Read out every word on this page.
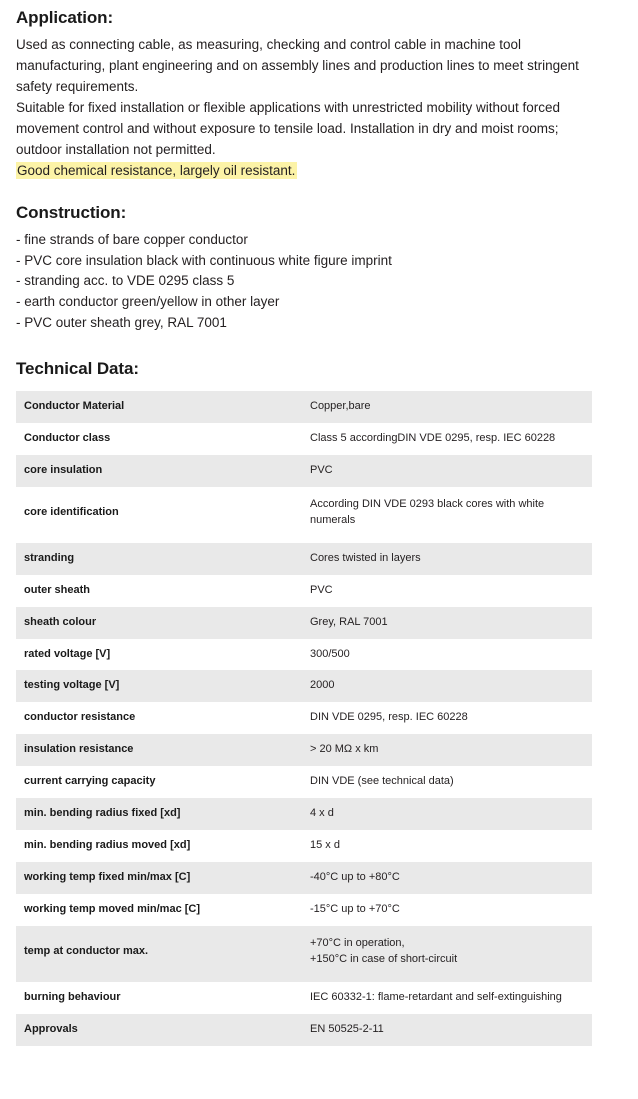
Application:

Used as connecting cable, as measuring, checking and control cable in machine tool manufacturing, plant engineering and on assembly lines and production lines to meet stringent safety requirements.

Suitable for fixed installation or flexible applications with unrestricted mobility without forced movement control and without exposure to tensile load. Installation in dry and moist rooms; outdoor installation not permitted.

Good chemical resistance, largely oil resistant.

Construction:
- fine strands of bare copper conductor
- PVC core insulation black with continuous white figure imprint
- stranding acc. to VDE 0295 class 5
- earth conductor green/yellow in other layer
- PVC outer sheath grey, RAL 7001
Technical Data:
Conductor Material	Copper,bare
Conductor class	Class 5 accordingDIN VDE 0295, resp. IEC 60228
core insulation	PVC
core identification	According DIN VDE 0293 black cores with white numerals
stranding	Cores twisted in layers
outer sheath	PVC
sheath colour	Grey, RAL 7001
rated voltage [V]	300/500
testing voltage [V]	2000
conductor resistance	DIN VDE 0295, resp. IEC 60228
insulation resistance	> 20 MΩ x km
current carrying capacity	DIN VDE (see technical data)
min. bending radius fixed [xd]	4 x d
min. bending radius moved [xd]	15 x d
working temp fixed min/max [C]	-40°C up to +80°C
working temp moved min/mac [C]	-15°C up to +70°C
temp at conductor max.	+70°C in operation,
+150°C in case of short-circuit

burning behaviour	IEC 60332-1: flame-retardant and self-extinguishing
Approvals	EN 50525-2-11
